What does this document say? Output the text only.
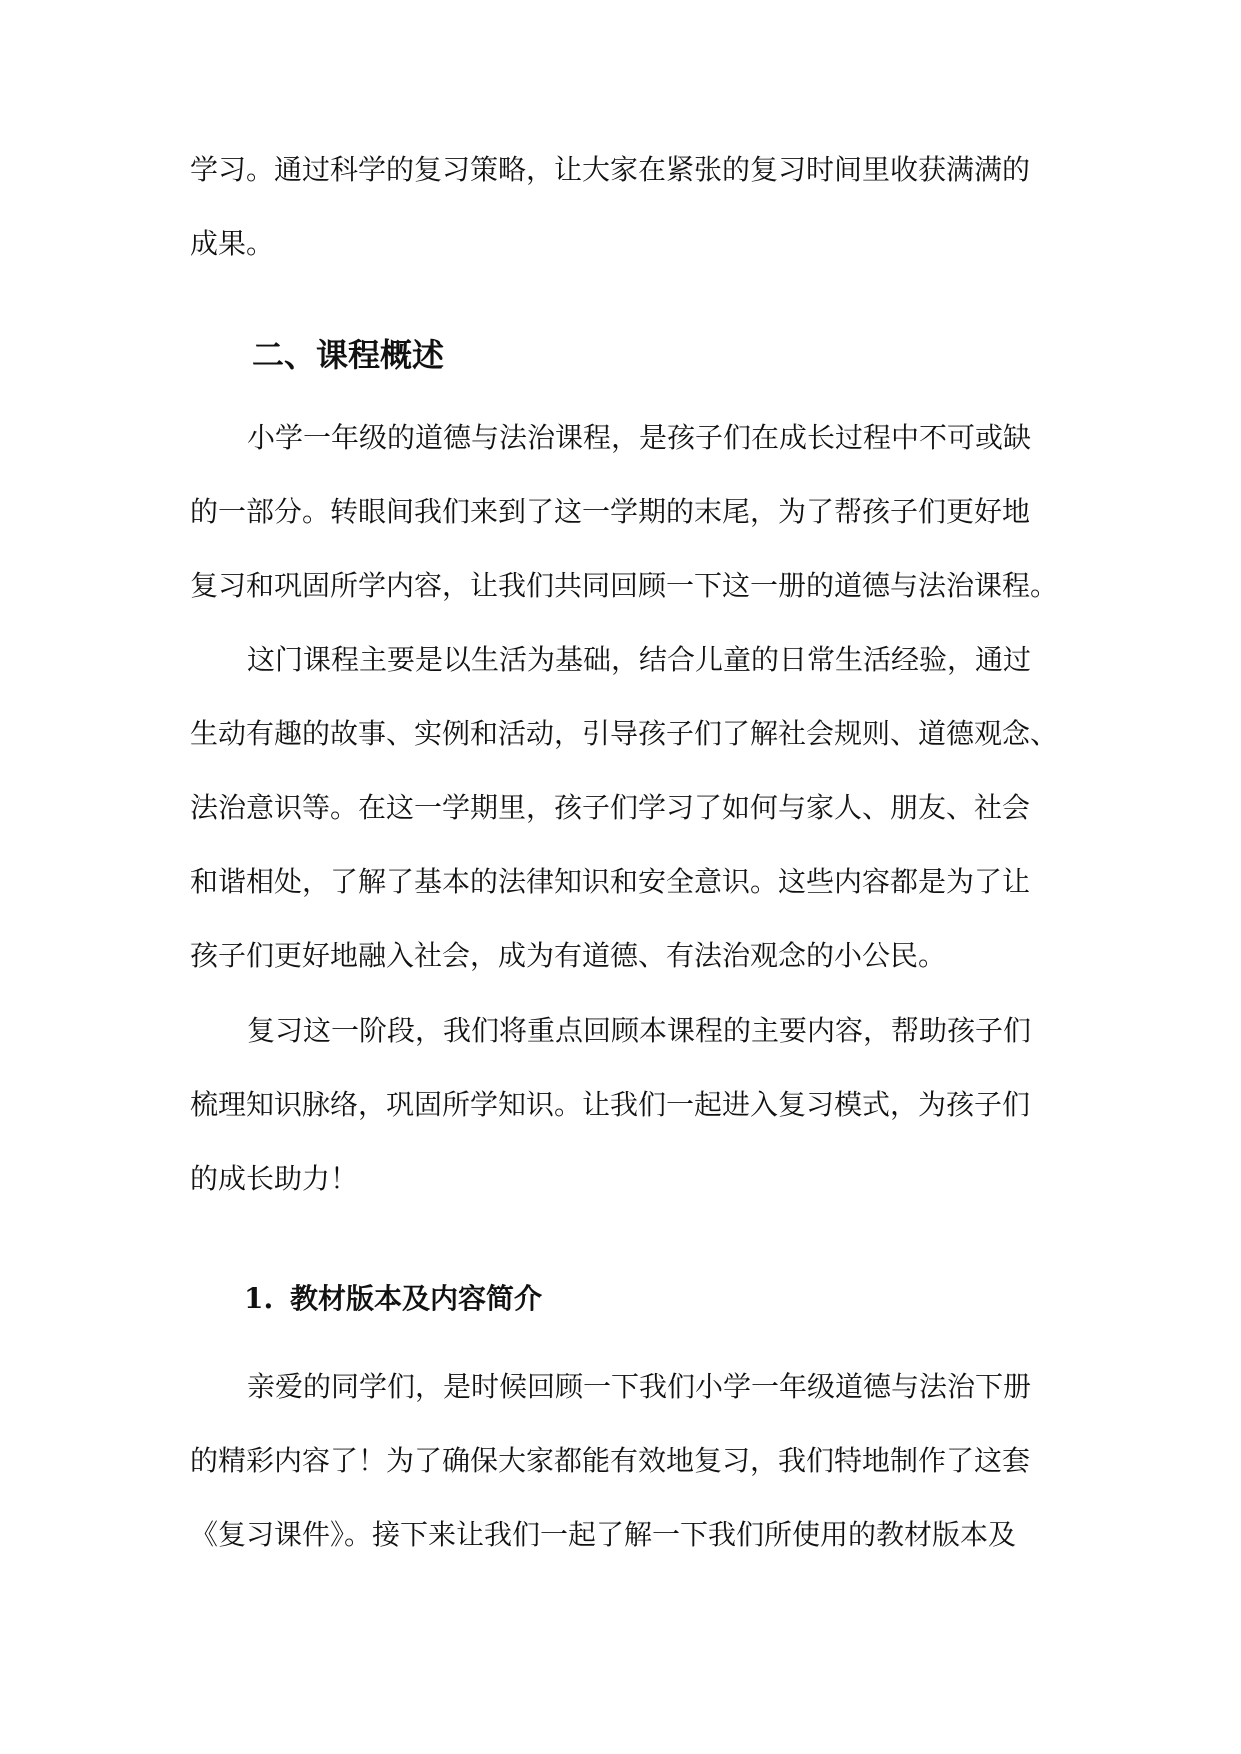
学习。通过科学的复习策略，让大家在紧张的复习时间里收获满满的
成果。
二、课程概述
小学一年级的道德与法治课程，是孩子们在成长过程中不可或缺
的一部分。转眼间我们来到了这一学期的末尾，为了帮孩子们更好地
复习和巩固所学内容，让我们共同回顾一下这一册的道德与法治课程。
这门课程主要是以生活为基础，结合儿童的日常生活经验，通过
生动有趣的故事、实例和活动，引导孩子们了解社会规则、道德观念、
法治意识等。在这一学期里，孩子们学习了如何与家人、朋友、社会
和谐相处，了解了基本的法律知识和安全意识。这些内容都是为了让
孩子们更好地融入社会，成为有道德、有法治观念的小公民。
复习这一阶段，我们将重点回顾本课程的主要内容，帮助孩子们
梳理知识脉络，巩固所学知识。让我们一起进入复习模式，为孩子们
的成长助力！
1. 教材版本及内容简介
亲爱的同学们，是时候回顾一下我们小学一年级道德与法治下册
的精彩内容了！为了确保大家都能有效地复习，我们特地制作了这套
《复习课件》。接下来让我们一起了解一下我们所使用的教材版本及
